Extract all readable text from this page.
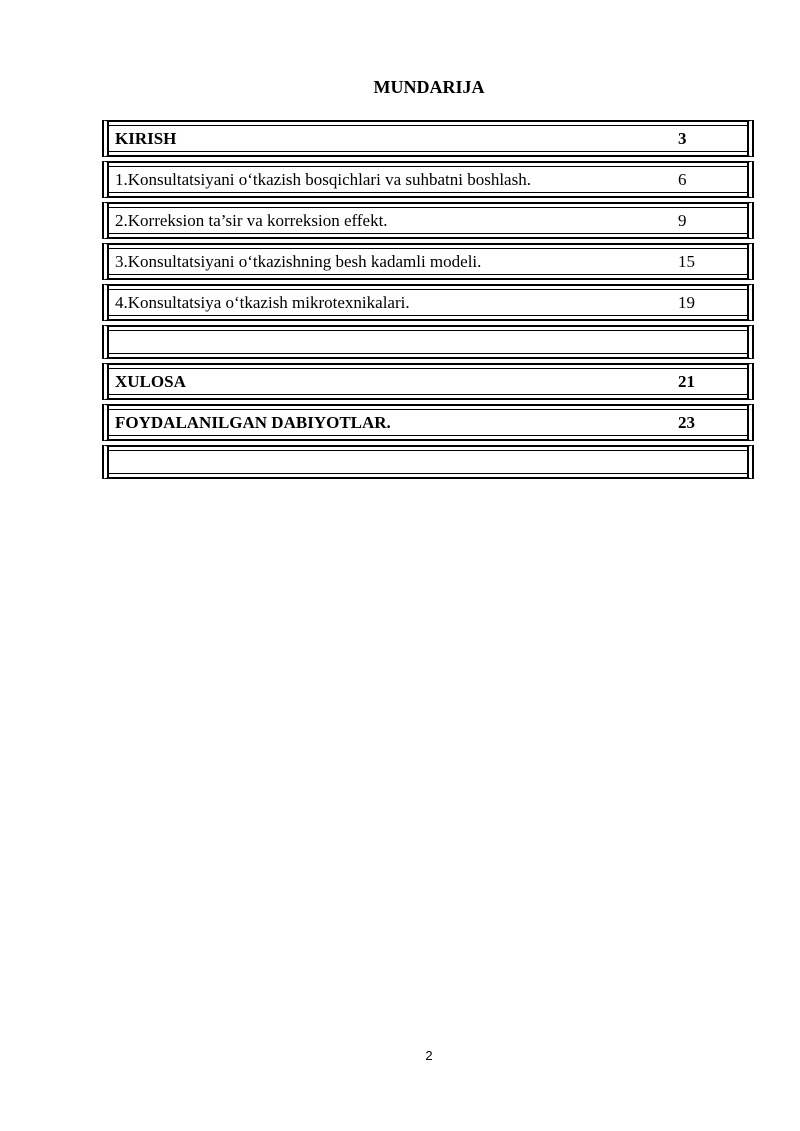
MUNDARIJA
KIRISH	3
1.Konsultatsiyani o‘tkazish bosqichlari va suhbatni boshlash.	6
2.Korreksion ta’sir va korreksion effekt.	9
3.Konsultatsiyani o‘tkazishning besh kadamli modeli.	15
4.Konsultatsiya o‘tkazish mikrotexnikalari.	19
XULOSA	21
FOYDALANILGAN DABIYOTLAR.	23
2
